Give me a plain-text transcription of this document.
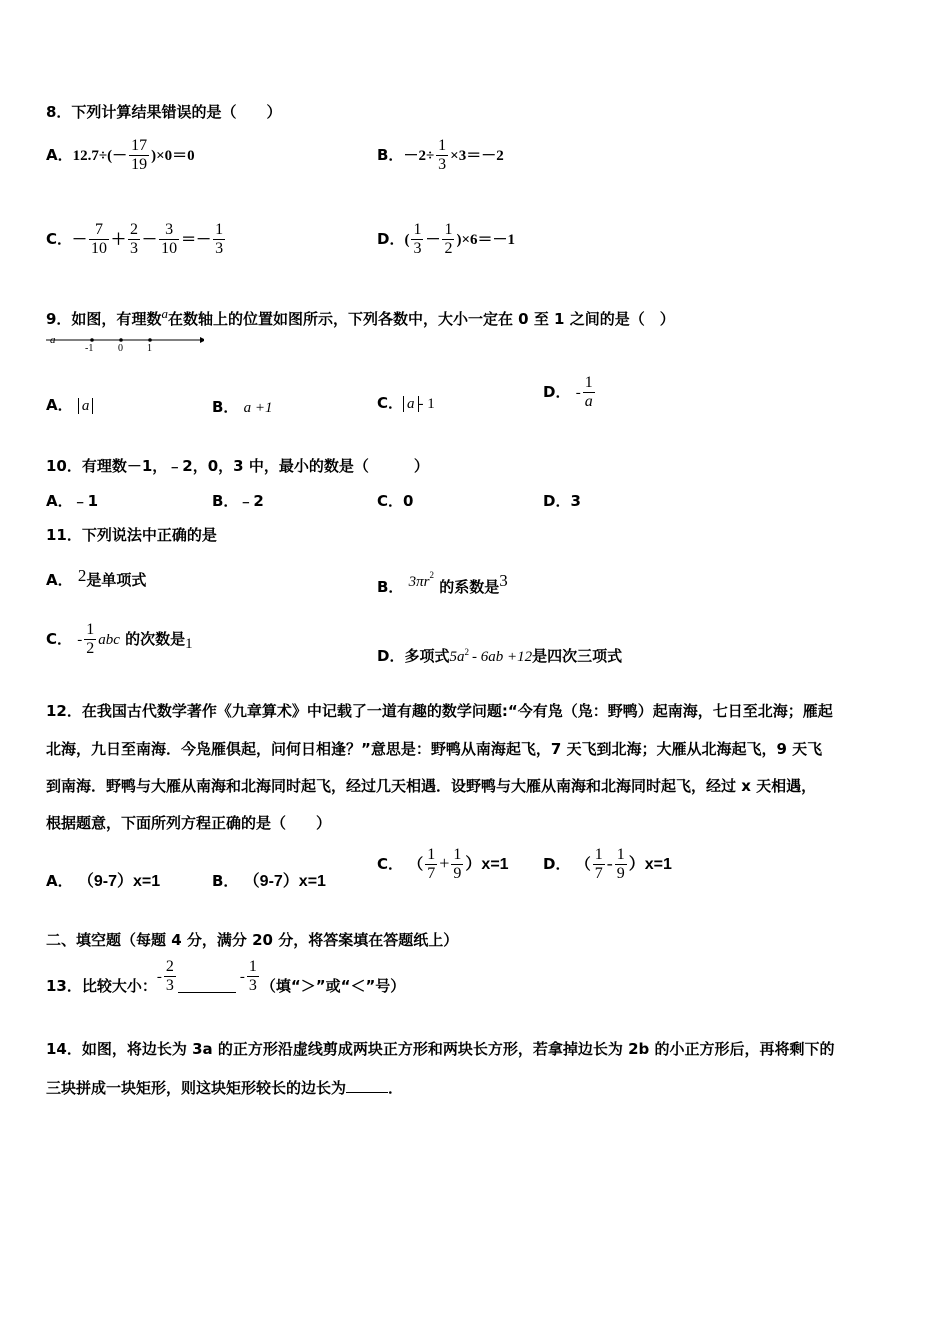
8．下列计算结果错误的是（　　）
A．$12.7\div(- \frac{17}{19} )\times 0=0$	B．$-2\div \frac{1}{3} \times 3=-2$
C．－ $\frac{7}{10} + \frac{2}{3} - \frac{3}{10} =- \frac{1}{3}$	D．( $\frac{1}{3} - \frac{1}{2} )\times 6=-1$
9．如图，有理数$^a$在数轴上的位置如图所示，下列各数中，大小一定在 0 至 1 之间的是（　）
a
-1 0 1
A． a	B． a +1	C． a - 1
D． - $\frac{1}{a}$
10．有理数－1，﹣2，0，3 中，最小的数是（　　　）
A．﹣1	B．﹣2	C．0	D．3
11．下列说法中正确的是
A． 2是单项式	B． $3\pi r^2$ 的系数是3
C． - $\frac{1}{2}$ abc 的次数是1
D．多项式$5a^2 - 6ab +12$是四次三项式
12．在我国古代数学著作《九章算术》中记载了一道有趣的数学问题:“今有凫（凫：野鸭）起南海，七日至北海；雁起
北海，九日至南海．今凫雁俱起，问何日相逢？”意思是：野鸭从南海起飞，7 天飞到北海；大雁从北海起飞，9 天飞
到南海．野鸭与大雁从南海和北海同时起飞，经过几天相遇．设野鸭与大雁从南海和北海同时起飞，经过 x 天相遇，
根据题意，下面所列方程正确的是（　　）
A． （9-7）x=1	B． （9-7）x=1
C． （ $\frac{1}{7} + \frac{1}{9} )x=1$ D． （ $\frac{1}{7} - \frac{1}{9} )x=1$
二、填空题（每题 4 分，满分 20 分，将答案填在答题纸上）
13．比较大小：- $\frac{2}{3}$	- $\frac{1}{3}$ （填“＞”或“＜”号）
14．如图，将边长为 3a 的正方形沿虚线剪成两块正方形和两块长方形，若拿掉边长为 2b 的小正方形后，再将剩下的
三块拼成一块矩形，则这块矩形较长的边长为	．
